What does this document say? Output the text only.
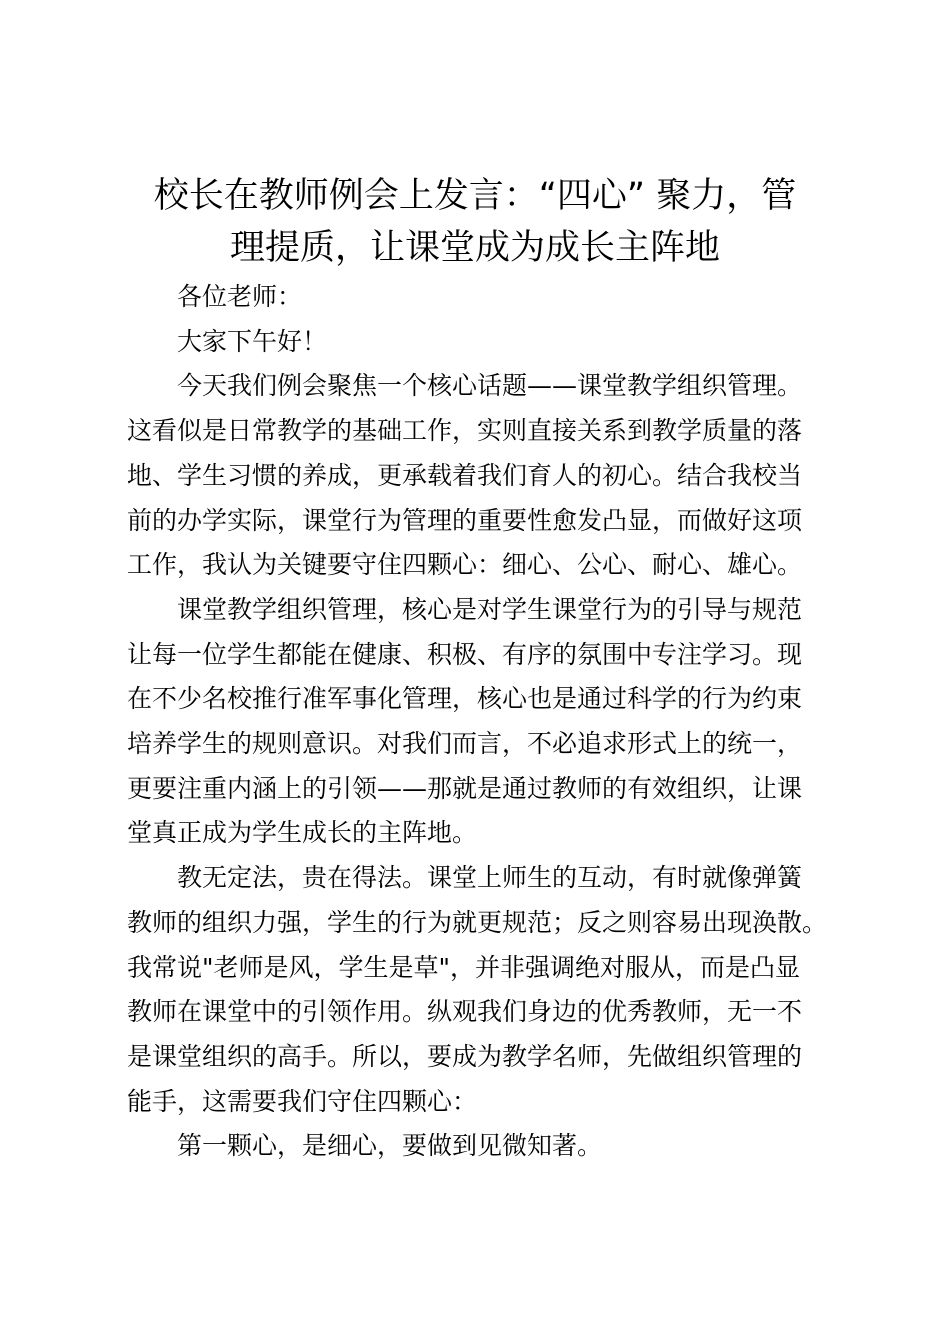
校长在教师例会上发言：“四心” 聚力，管
理提质，让课堂成为成长主阵地

各位老师：

大家下午好！

今天我们例会聚焦一个核心话题——课堂教学组织管理。
这看似是日常教学的基础工作，实则直接关系到教学质量的落
地、学生习惯的养成，更承载着我们育人的初心。结合我校当
前的办学实际，课堂行为管理的重要性愈发凸显，而做好这项
工作，我认为关键要守住四颗心：细心、公心、耐心、雄心。

课堂教学组织管理，核心是对学生课堂行为的引导与规范
让每一位学生都能在健康、积极、有序的氛围中专注学习。现
在不少名校推行准军事化管理，核心也是通过科学的行为约束
培养学生的规则意识。对我们而言，不必追求形式上的统一，
更要注重内涵上的引领——那就是通过教师的有效组织，让课
堂真正成为学生成长的主阵地。

教无定法，贵在得法。课堂上师生的互动，有时就像弹簧
教师的组织力强，学生的行为就更规范；反之则容易出现涣散。
我常说"老师是风，学生是草"，并非强调绝对服从，而是凸显
教师在课堂中的引领作用。纵观我们身边的优秀教师，无一不
是课堂组织的高手。所以，要成为教学名师，先做组织管理的
能手，这需要我们守住四颗心：

第一颗心，是细心，要做到见微知著。
